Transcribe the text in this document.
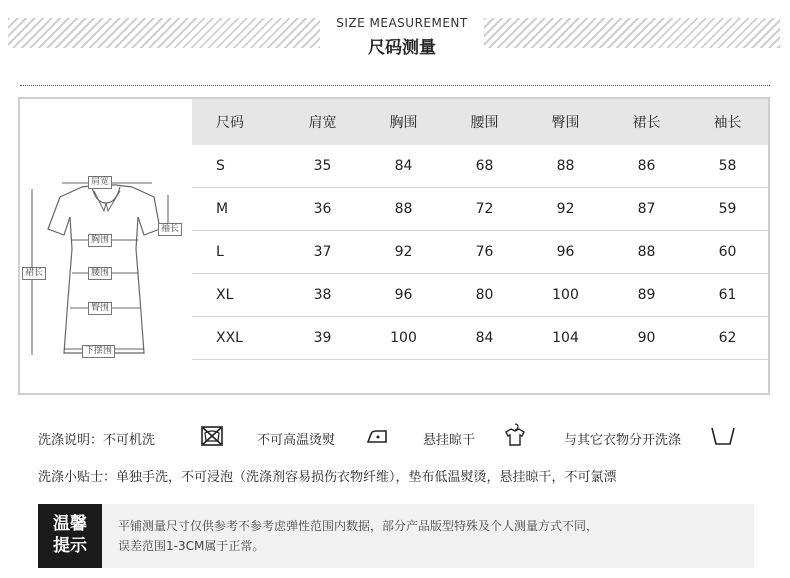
SIZE MEASUREMENT
尺码测量
肩宽
袖长
胸围
腰围
裙长
臀围
下摆围
尺码	肩宽	胸围	腰围	臀围	裙长	袖长
S	35	84	68	88	86	58
M	36	88	72	92	87	59
L	37	92	76	96	88	60
XL	38	96	80	100	89	61
XXL	39	100	84	104	90	62

洗涤说明：不可机洗	不可高温烫熨	悬挂晾干	与其它衣物分开洗涤
洗涤小贴士：单独手洗，不可浸泡（洗涤剂容易损伤衣物纤维），垫布低温熨烫，悬挂晾干，不可氯漂
温馨
提示
平铺测量尺寸仅供参考不参考虑弹性范围内数据，部分产品版型特殊及个人测量方式不同，
误差范围1-3CM属于正常。
